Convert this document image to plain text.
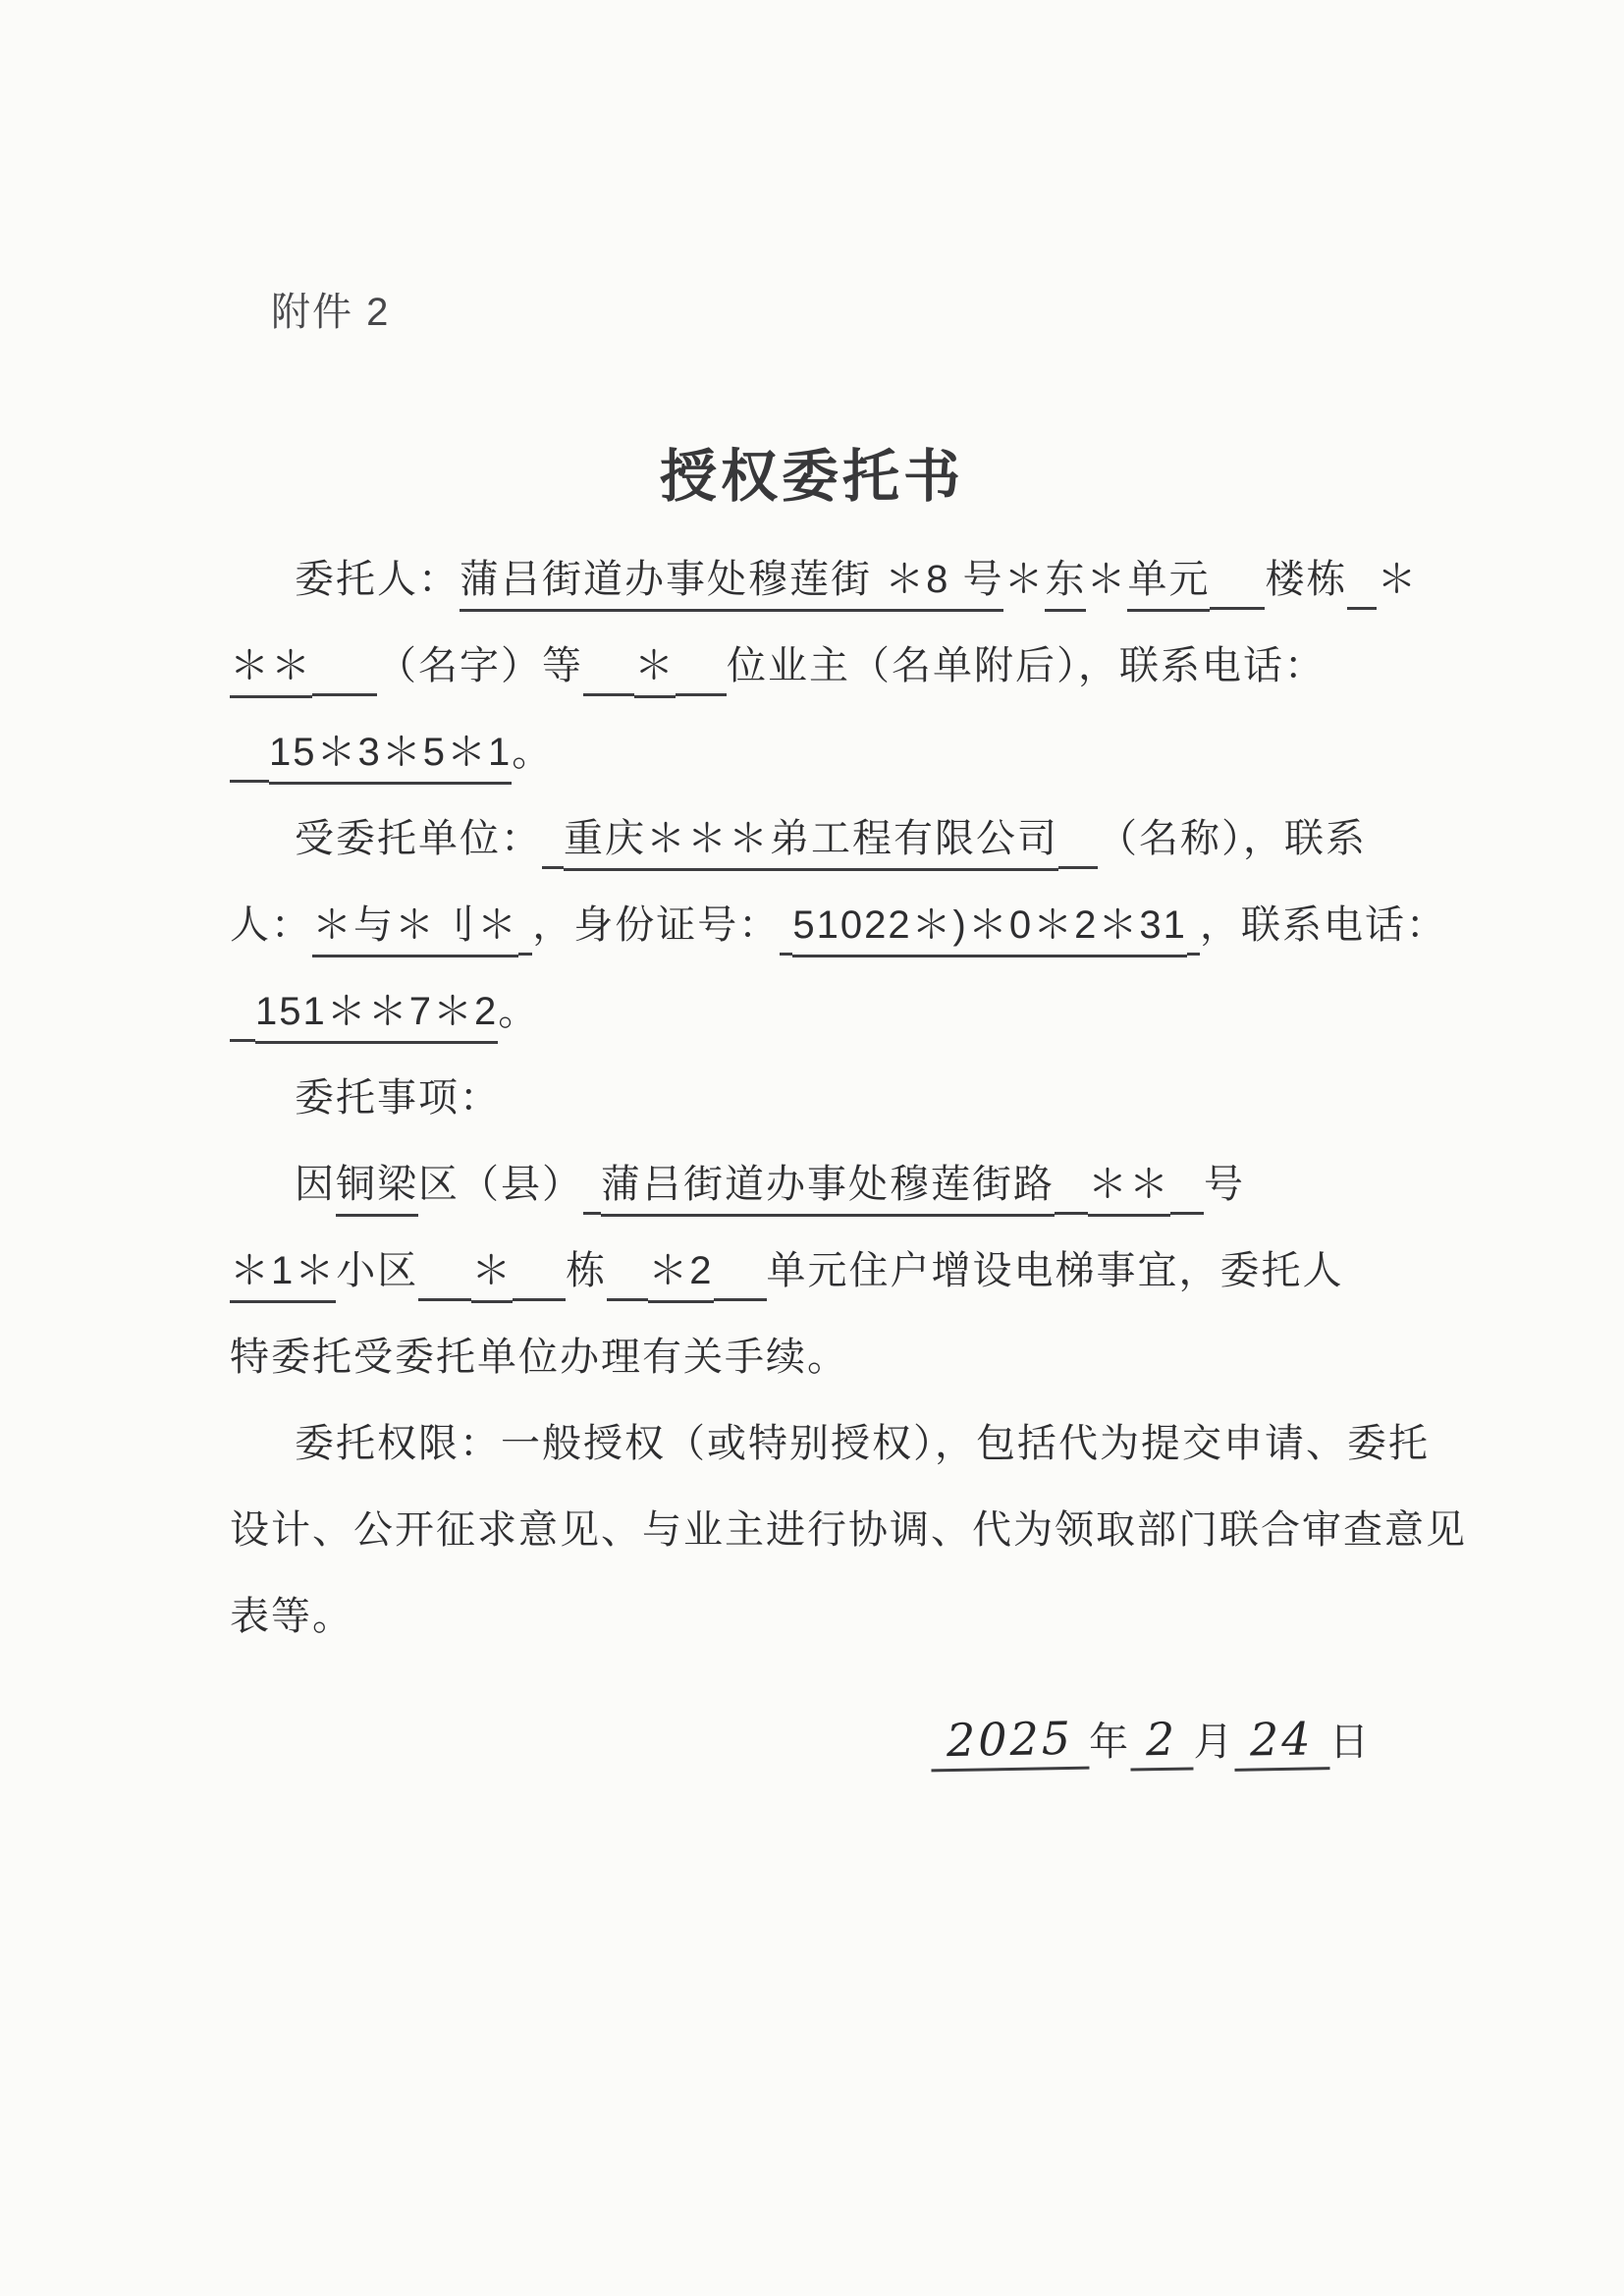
附件 2
授权委托书
委托人： 蒲吕街道办事处穆莲街 ＊8 号 ＊ 东 ＊ 单元
楼栋
＊
＊＊
（名字）等
＊
位业主（名单附后），联系电话：

15＊3＊5＊1 。
受委托单位：
重庆＊＊＊弟工程有限公司
（名称），联系
人： ＊与＊刂＊
，身份证号：
51022＊)＊0＊2＊31
，联系电话：

151＊＊7＊2 。
委托事项：
因 铜梁 区（县）
蒲吕街道办事处穆莲街路
＊＊
号
＊1＊ 小区
＊
栋
＊2
单元住户增设电梯事宜，委托人
特委托受委托单位办理有关手续。
委托权限：一般授权（或特别授权），包括代为提交申请、委托
设计、公开征求意见、与业主进行协调、代为领取部门联合审查意见
表等。
2025 年 2 月 24 日
